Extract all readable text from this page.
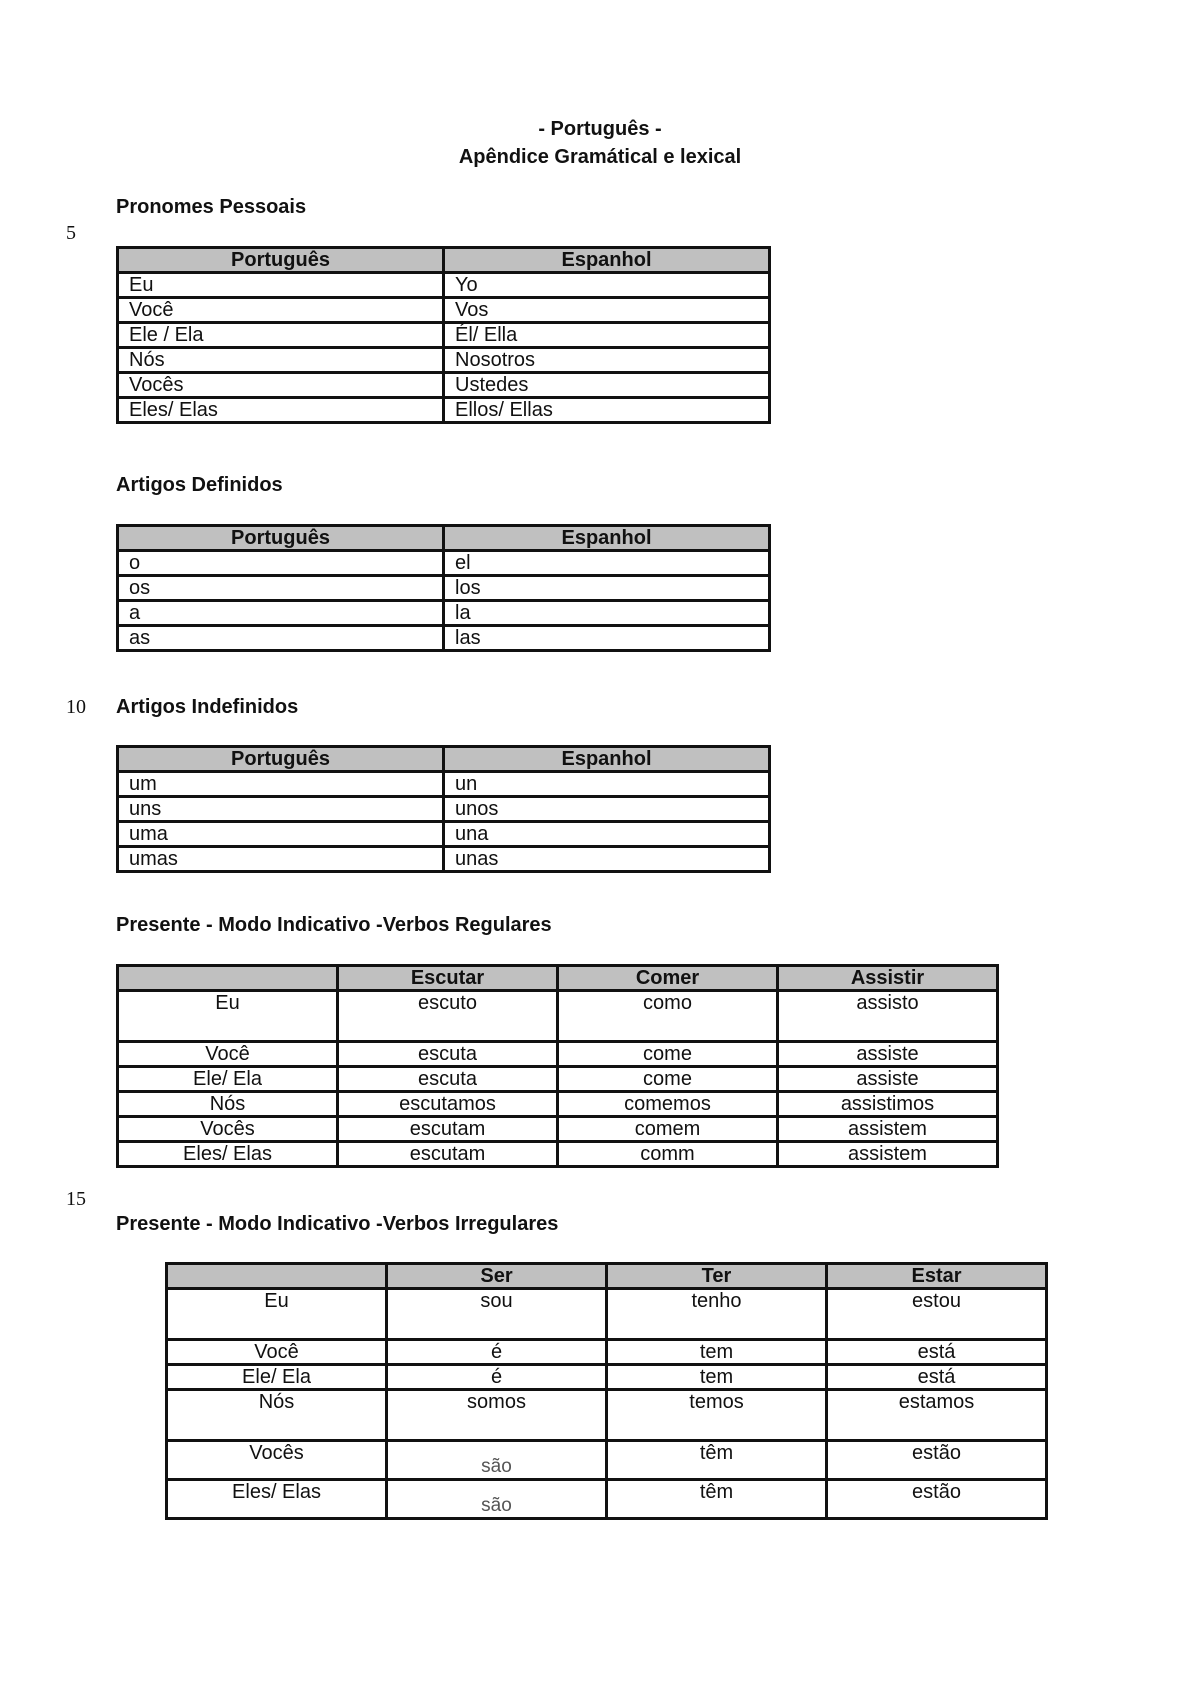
- Português -
Apêndice Gramátical e lexical
Pronomes Pessoais
5
Português	Espanhol
Eu	Yo
Você	Vos
Ele / Ela	Él/ Ella
Nós	Nosotros
Vocês	Ustedes
Eles/ Elas	Ellos/ Ellas
Artigos Definidos
Português	Espanhol
o	el
os	los
a	la
as	las
10 Artigos Indefinidos
Português	Espanhol
um	un
uns	unos
uma	una
umas	unas
Presente - Modo Indicativo -Verbos Regulares
	Escutar	Comer	Assistir
Eu	escuto	como	assisto
Você	escuta	come	assiste
Ele/ Ela	escuta	come	assiste
Nós	escutamos	comemos	assistimos
Vocês	escutam	comem	assistem
Eles/ Elas	escutam	comm	assistem
15
Presente - Modo Indicativo -Verbos Irregulares
	Ser	Ter	Estar
Eu	sou	tenho	estou
Você	é	tem	está
Ele/ Ela	é	tem	está
Nós	somos	temos	estamos
Vocês	são	têm	estão
Eles/ Elas	são	têm	estão
